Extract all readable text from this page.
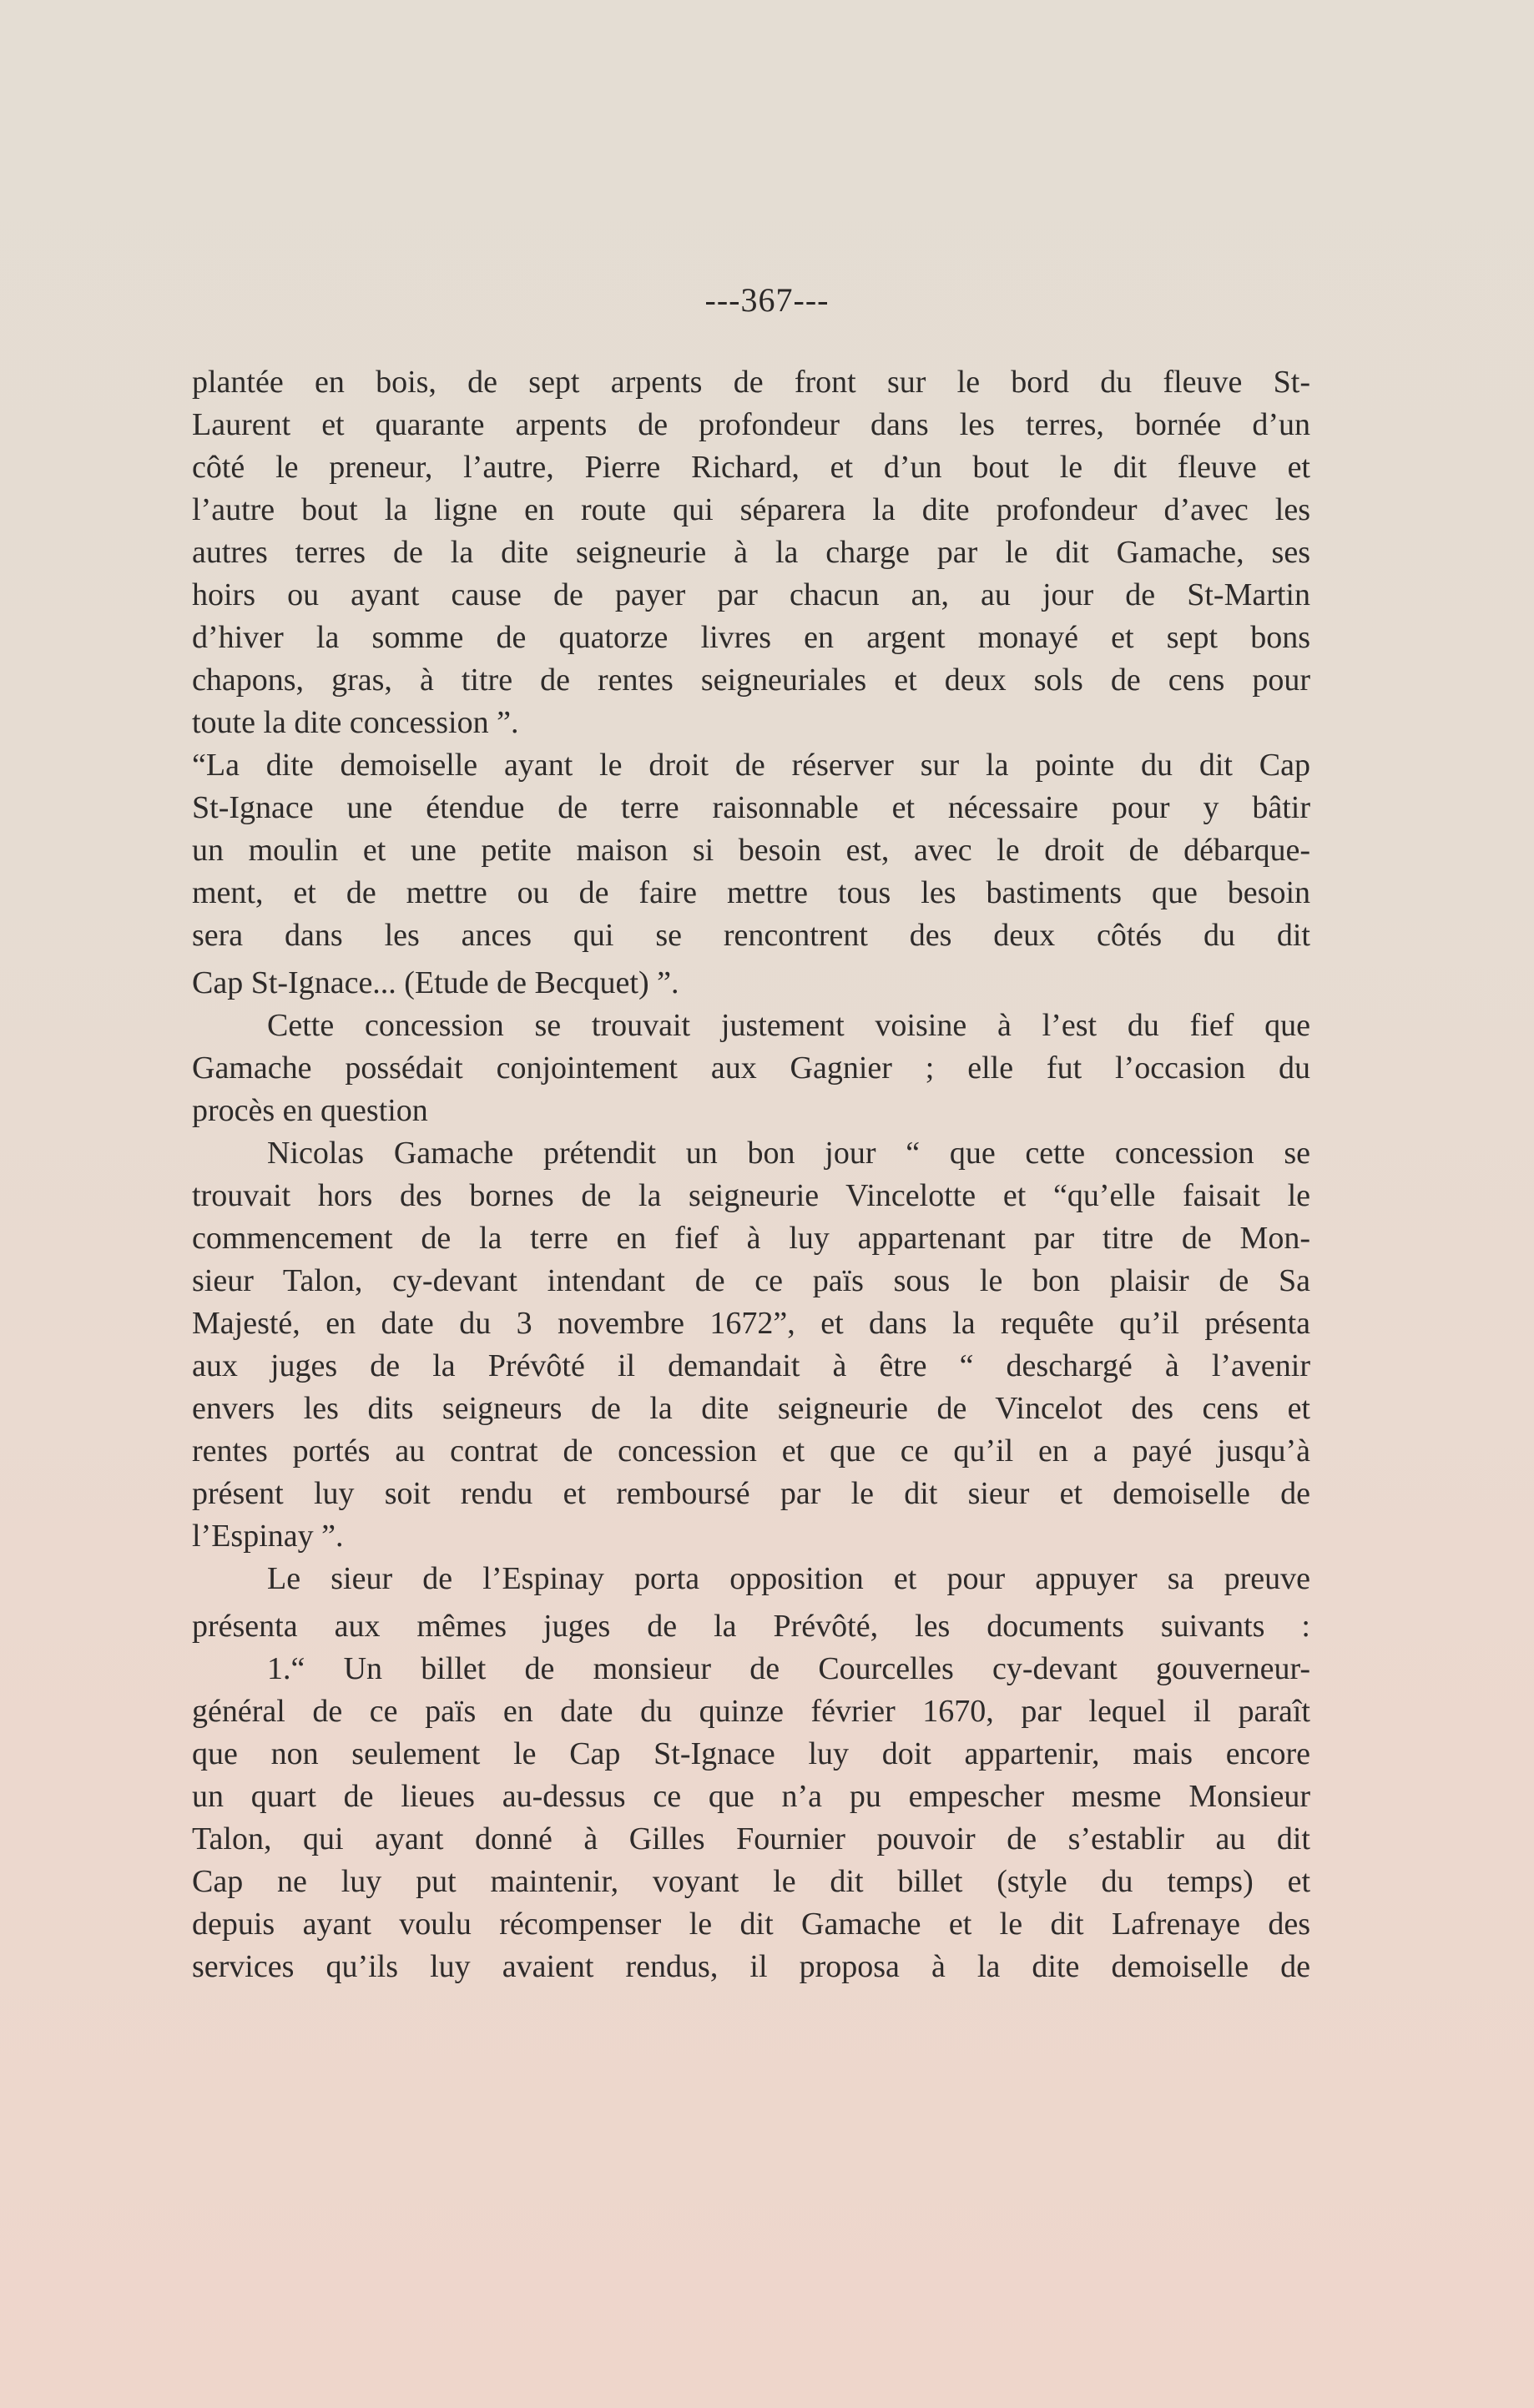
---367---
plantée en bois, de sept arpents de front sur le bord du fleuve St-
Laurent et quarante arpents de profondeur dans les terres, bornée d’un
côté le preneur, l’autre, Pierre Richard, et d’un bout le dit fleuve et
l’autre bout la ligne en route qui séparera la dite profondeur d’avec les
autres terres de la dite seigneurie à la charge par le dit Gamache, ses
hoirs ou ayant cause de payer par chacun an, au jour de St-Martin
d’hiver la somme de quatorze livres en argent monayé et sept bons
chapons, gras, à titre de rentes seigneuriales et deux sols de cens pour
toute la dite concession ”.
“La dite demoiselle ayant le droit de réserver sur la pointe du dit Cap
St-Ignace une étendue de terre raisonnable et nécessaire pour y bâtir
un moulin et une petite maison si besoin est, avec le droit de débarque-
ment, et de mettre ou de faire mettre tous les bastiments que besoin
sera dans les ances qui se rencontrent des deux côtés du dit
Cap St-Ignace... (Etude de Becquet) ”.
Cette concession se trouvait justement voisine à l’est du fief que
Gamache possédait conjointement aux Gagnier ; elle fut l’occasion du
procès en question
Nicolas Gamache prétendit un bon jour “ que cette concession se
trouvait hors des bornes de la seigneurie Vincelotte et “qu’elle faisait le
commencement de la terre en fief à luy appartenant par titre de Mon-
sieur Talon, cy-devant intendant de ce païs sous le bon plaisir de Sa
Majesté, en date du 3 novembre 1672”, et dans la requête qu’il présenta
aux juges de la Prévôté il demandait à être “ deschargé à l’avenir
envers les dits seigneurs de la dite seigneurie de Vincelot des cens et
rentes portés au contrat de concession et que ce qu’il en a payé jusqu’à
présent luy soit rendu et remboursé par le dit sieur et demoiselle de
l’Espinay ”.
Le sieur de l’Espinay porta opposition et pour appuyer sa preuve
présenta aux mêmes juges de la Prévôté, les documents suivants :
1.“ Un billet de monsieur de Courcelles cy-devant gouverneur-
général de ce païs en date du quinze février 1670, par lequel il paraît
que non seulement le Cap St-Ignace luy doit appartenir, mais encore
un quart de lieues au-dessus ce que n’a pu empescher mesme Monsieur
Talon, qui ayant donné à Gilles Fournier pouvoir de s’establir au dit
Cap ne luy put maintenir, voyant le dit billet (style du temps) et
depuis ayant voulu récompenser le dit Gamache et le dit Lafrenaye des
services qu’ils luy avaient rendus, il proposa à la dite demoiselle de
